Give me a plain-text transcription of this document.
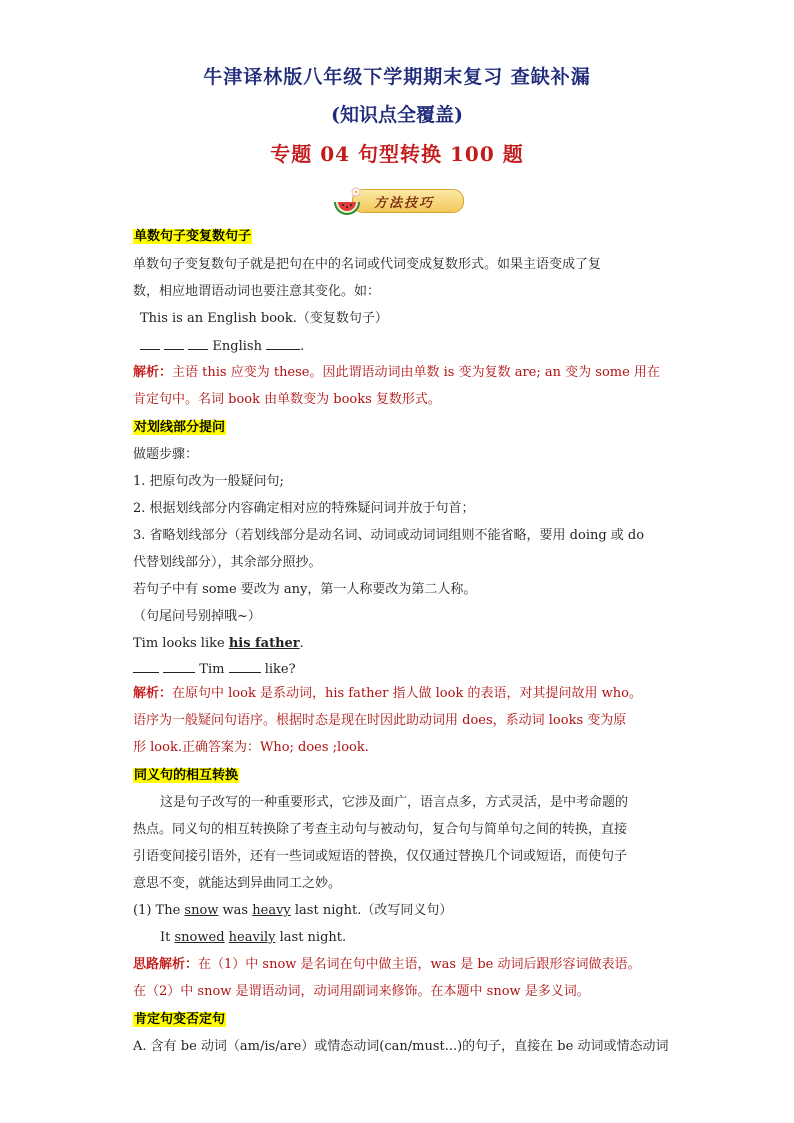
牛津译林版八年级下学期期末复习 查缺补漏
(知识点全覆盖)
专题 04 句型转换 100 题
方法技巧
单数句子变复数句子
单数句子变复数句子就是把句在中的名词或代词变成复数形式。如果主语变成了复
数，相应地谓语动词也要注意其变化。如：
This is an English book.（变复数句子）
English	.
解析：主语 this 应变为 these。因此谓语动词由单数 is 变为复数 are; an 变为 some 用在
肯定句中。名词 book 由单数变为 books 复数形式。
对划线部分提问
做题步骤：
1. 把原句改为一般疑问句;
2. 根据划线部分内容确定相对应的特殊疑问词并放于句首；
3. 省略划线部分（若划线部分是动名词、动词或动词词组则不能省略，要用 doing 或 do
代替划线部分），其余部分照抄。
若句子中有 some 要改为 any，第一人称要改为第二人称。
（句尾问号别掉哦~）
Tim looks like his father.
Tim	like?
解析：在原句中 look 是系动词，his father 指人做 look 的表语，对其提问故用 who。
语序为一般疑问句语序。根据时态是现在时因此助动词用 does，系动词 looks 变为原
形 look.正确答案为：Who; does ;look.
同义句的相互转换
这是句子改写的一种重要形式，它涉及面广，语言点多，方式灵活，是中考命题的
热点。同义句的相互转换除了考查主动句与被动句，复合句与简单句之间的转换，直接
引语变间接引语外，还有一些词或短语的替换，仅仅通过替换几个词或短语，而使句子
意思不变，就能达到异曲同工之妙。
(1) The snow was heavy last night.（改写同义句）
It snowed heavily last night.
思路解析：在（1）中 snow 是名词在句中做主语，was 是 be 动词后跟形容词做表语。
在（2）中 snow 是谓语动词，动词用副词来修饰。在本题中 snow 是多义词。
肯定句变否定句
A. 含有 be 动词（am/is/are）或情态动词(can/must...)的句子，直接在 be 动词或情态动词
